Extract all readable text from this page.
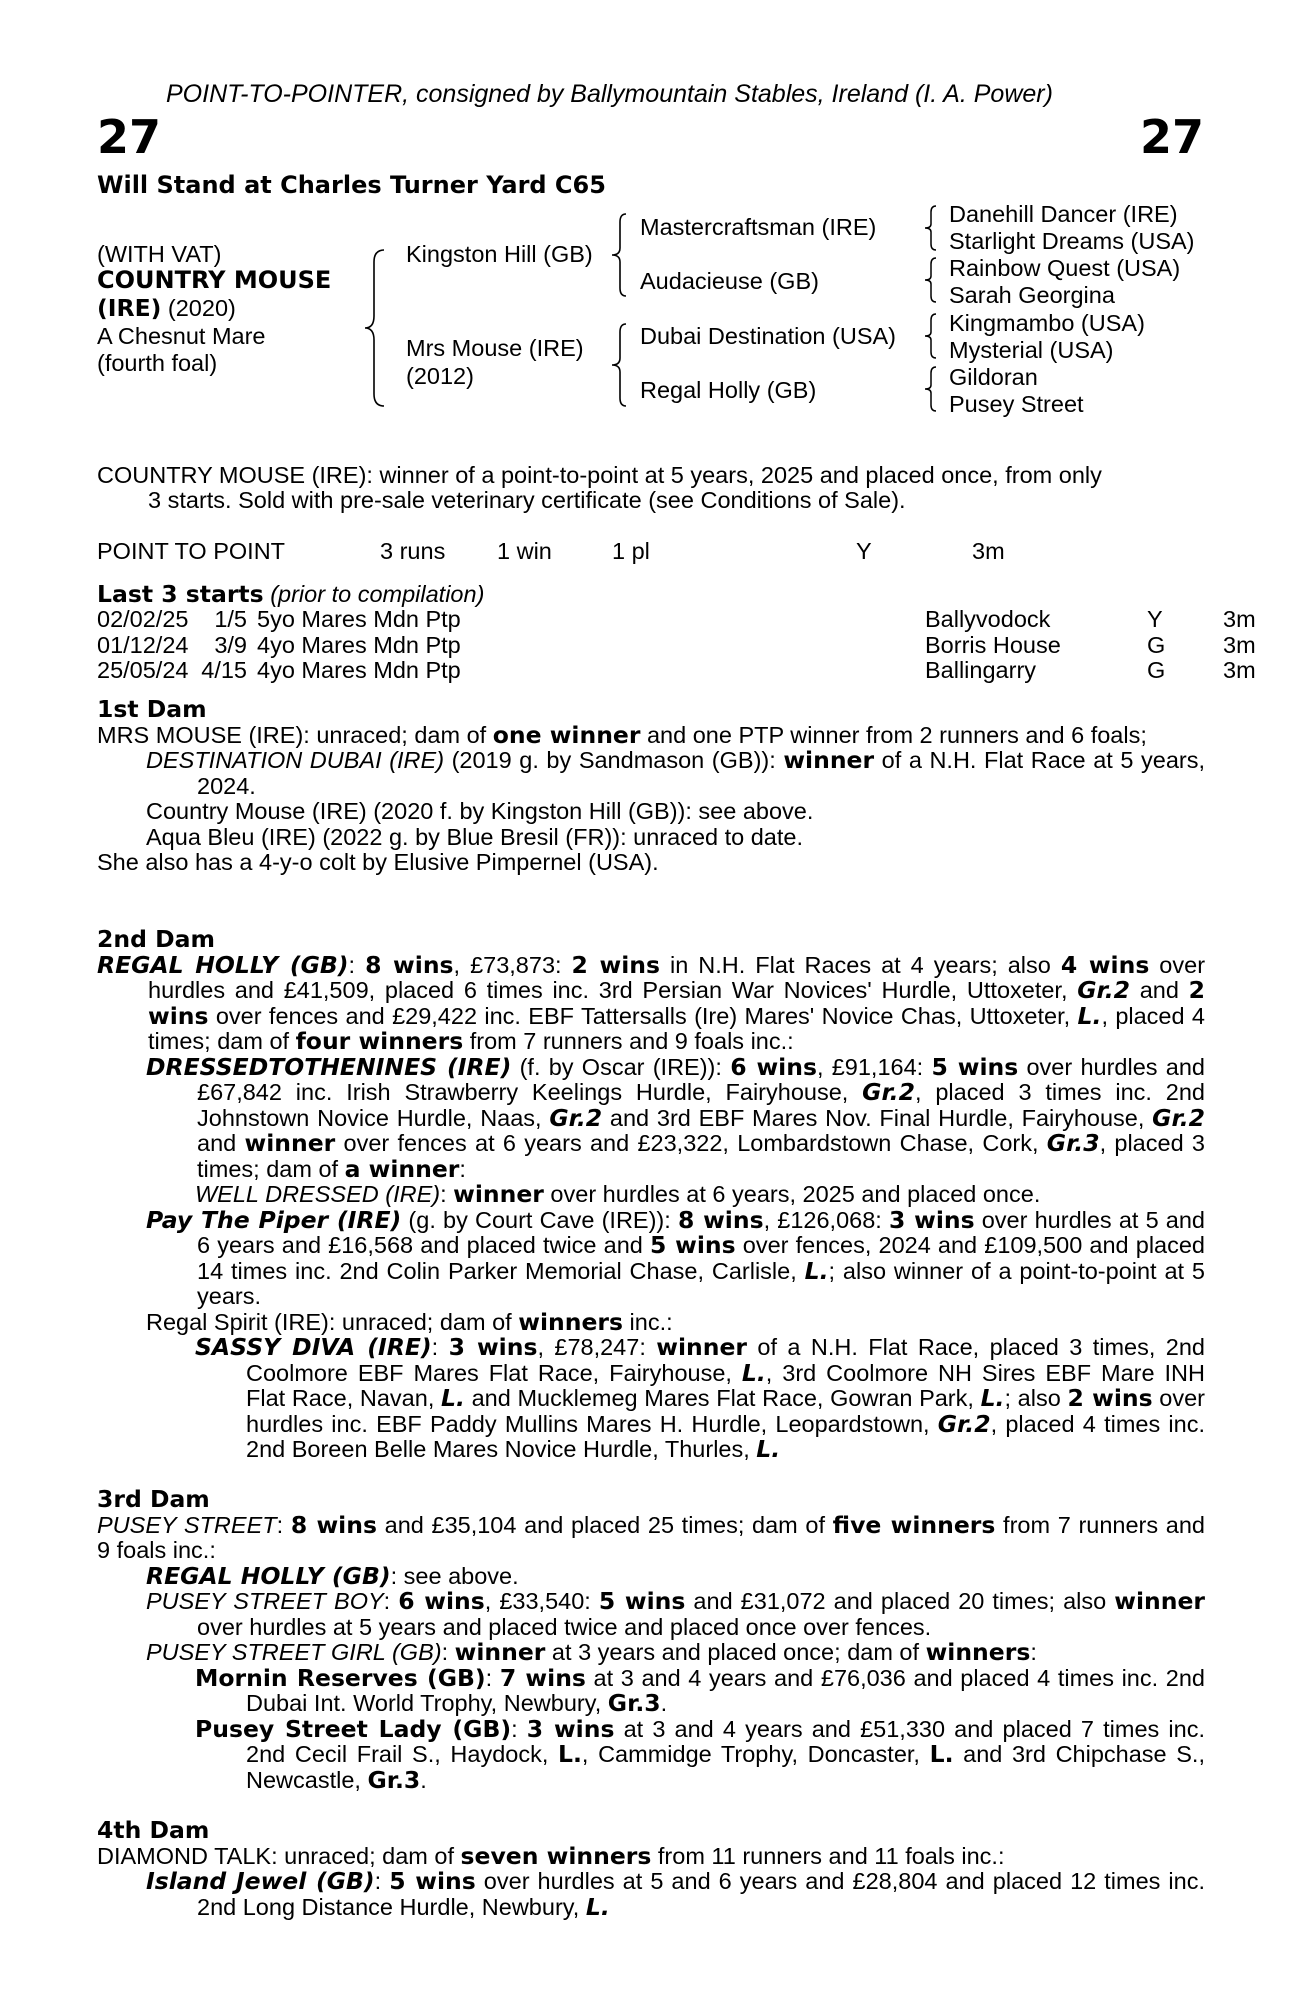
POINT-TO-POINTER, consigned by Ballymountain Stables, Ireland (I. A. Power)
27	27
Will Stand at Charles Turner Yard C65
(WITH VAT)
COUNTRY MOUSE
(IRE) (2020)
A Chesnut Mare
(fourth foal)
Kingston Hill (GB)
Mrs Mouse (IRE)
(2012)
Mastercraftsman (IRE)
Audacieuse (GB)
Dubai Destination (USA)
Regal Holly (GB)
Danehill Dancer (IRE)
Starlight Dreams (USA)
Rainbow Quest (USA)
Sarah Georgina
Kingmambo (USA)
Mysterial (USA)
Gildoran
Pusey Street
COUNTRY MOUSE (IRE): winner of a point-to-point at 5 years, 2025 and placed once, from only
3 starts. Sold with pre-sale veterinary certificate (see Conditions of Sale).
POINT TO POINT	3 runs 1 win	1 pl	Y	3m
Last 3 starts (prior to compilation)
02/02/25	1/5	5yo Mares Mdn Ptp	Ballyvodock	Y	3m
01/12/24	3/9	4yo Mares Mdn Ptp	Borris House	G	3m
25/05/24	4/15	4yo Mares Mdn Ptp	Ballingarry	G	3m

1st Dam

MRS MOUSE (IRE): unraced; dam of one winner and one PTP winner from 2 runners and 6 foals;

DESTINATION DUBAI (IRE) (2019 g. by Sandmason (GB)): winner of a N.H. Flat Race at 5 years, 2024.

Country Mouse (IRE) (2020 f. by Kingston Hill (GB)): see above.

Aqua Bleu (IRE) (2022 g. by Blue Bresil (FR)): unraced to date.

She also has a 4-y-o colt by Elusive Pimpernel (USA).

2nd Dam

REGAL HOLLY (GB): 8 wins, £73,873: 2 wins in N.H. Flat Races at 4 years; also 4 wins over hurdles and £41,509, placed 6 times inc. 3rd Persian War Novices' Hurdle, Uttoxeter, Gr.2 and 2 wins over fences and £29,422 inc. EBF Tattersalls (Ire) Mares' Novice Chas, Uttoxeter, L., placed 4 times; dam of four winners from 7 runners and 9 foals inc.:

DRESSEDTOTHENINES (IRE) (f. by Oscar (IRE)): 6 wins, £91,164: 5 wins over hurdles and £67,842 inc. Irish Strawberry Keelings Hurdle, Fairyhouse, Gr.2, placed 3 times inc. 2nd Johnstown Novice Hurdle, Naas, Gr.2 and 3rd EBF Mares Nov. Final Hurdle, Fairyhouse, Gr.2 and winner over fences at 6 years and £23,322, Lombardstown Chase, Cork, Gr.3, placed 3 times; dam of a winner:

WELL DRESSED (IRE): winner over hurdles at 6 years, 2025 and placed once.

Pay The Piper (IRE) (g. by Court Cave (IRE)): 8 wins, £126,068: 3 wins over hurdles at 5 and 6 years and £16,568 and placed twice and 5 wins over fences, 2024 and £109,500 and placed 14 times inc. 2nd Colin Parker Memorial Chase, Carlisle, L.; also winner of a point-to-point at 5 years.

Regal Spirit (IRE): unraced; dam of winners inc.:

SASSY DIVA (IRE): 3 wins, £78,247: winner of a N.H. Flat Race, placed 3 times, 2nd Coolmore EBF Mares Flat Race, Fairyhouse, L., 3rd Coolmore NH Sires EBF Mare INH Flat Race, Navan, L. and Mucklemeg Mares Flat Race, Gowran Park, L.; also 2 wins over hurdles inc. EBF Paddy Mullins Mares H. Hurdle, Leopardstown, Gr.2, placed 4 times inc. 2nd Boreen Belle Mares Novice Hurdle, Thurles, L.

3rd Dam

PUSEY STREET: 8 wins and £35,104 and placed 25 times; dam of five winners from 7 runners and 9 foals inc.:

REGAL HOLLY (GB): see above.

PUSEY STREET BOY: 6 wins, £33,540: 5 wins and £31,072 and placed 20 times; also winner over hurdles at 5 years and placed twice and placed once over fences.

PUSEY STREET GIRL (GB): winner at 3 years and placed once; dam of winners:

Mornin Reserves (GB): 7 wins at 3 and 4 years and £76,036 and placed 4 times inc. 2nd Dubai Int. World Trophy, Newbury, Gr.3.

Pusey Street Lady (GB): 3 wins at 3 and 4 years and £51,330 and placed 7 times inc. 2nd Cecil Frail S., Haydock, L., Cammidge Trophy, Doncaster, L. and 3rd Chipchase S., Newcastle, Gr.3.

4th Dam

DIAMOND TALK: unraced; dam of seven winners from 11 runners and 11 foals inc.:

Island Jewel (GB): 5 wins over hurdles at 5 and 6 years and £28,804 and placed 12 times inc. 2nd Long Distance Hurdle, Newbury, L.
